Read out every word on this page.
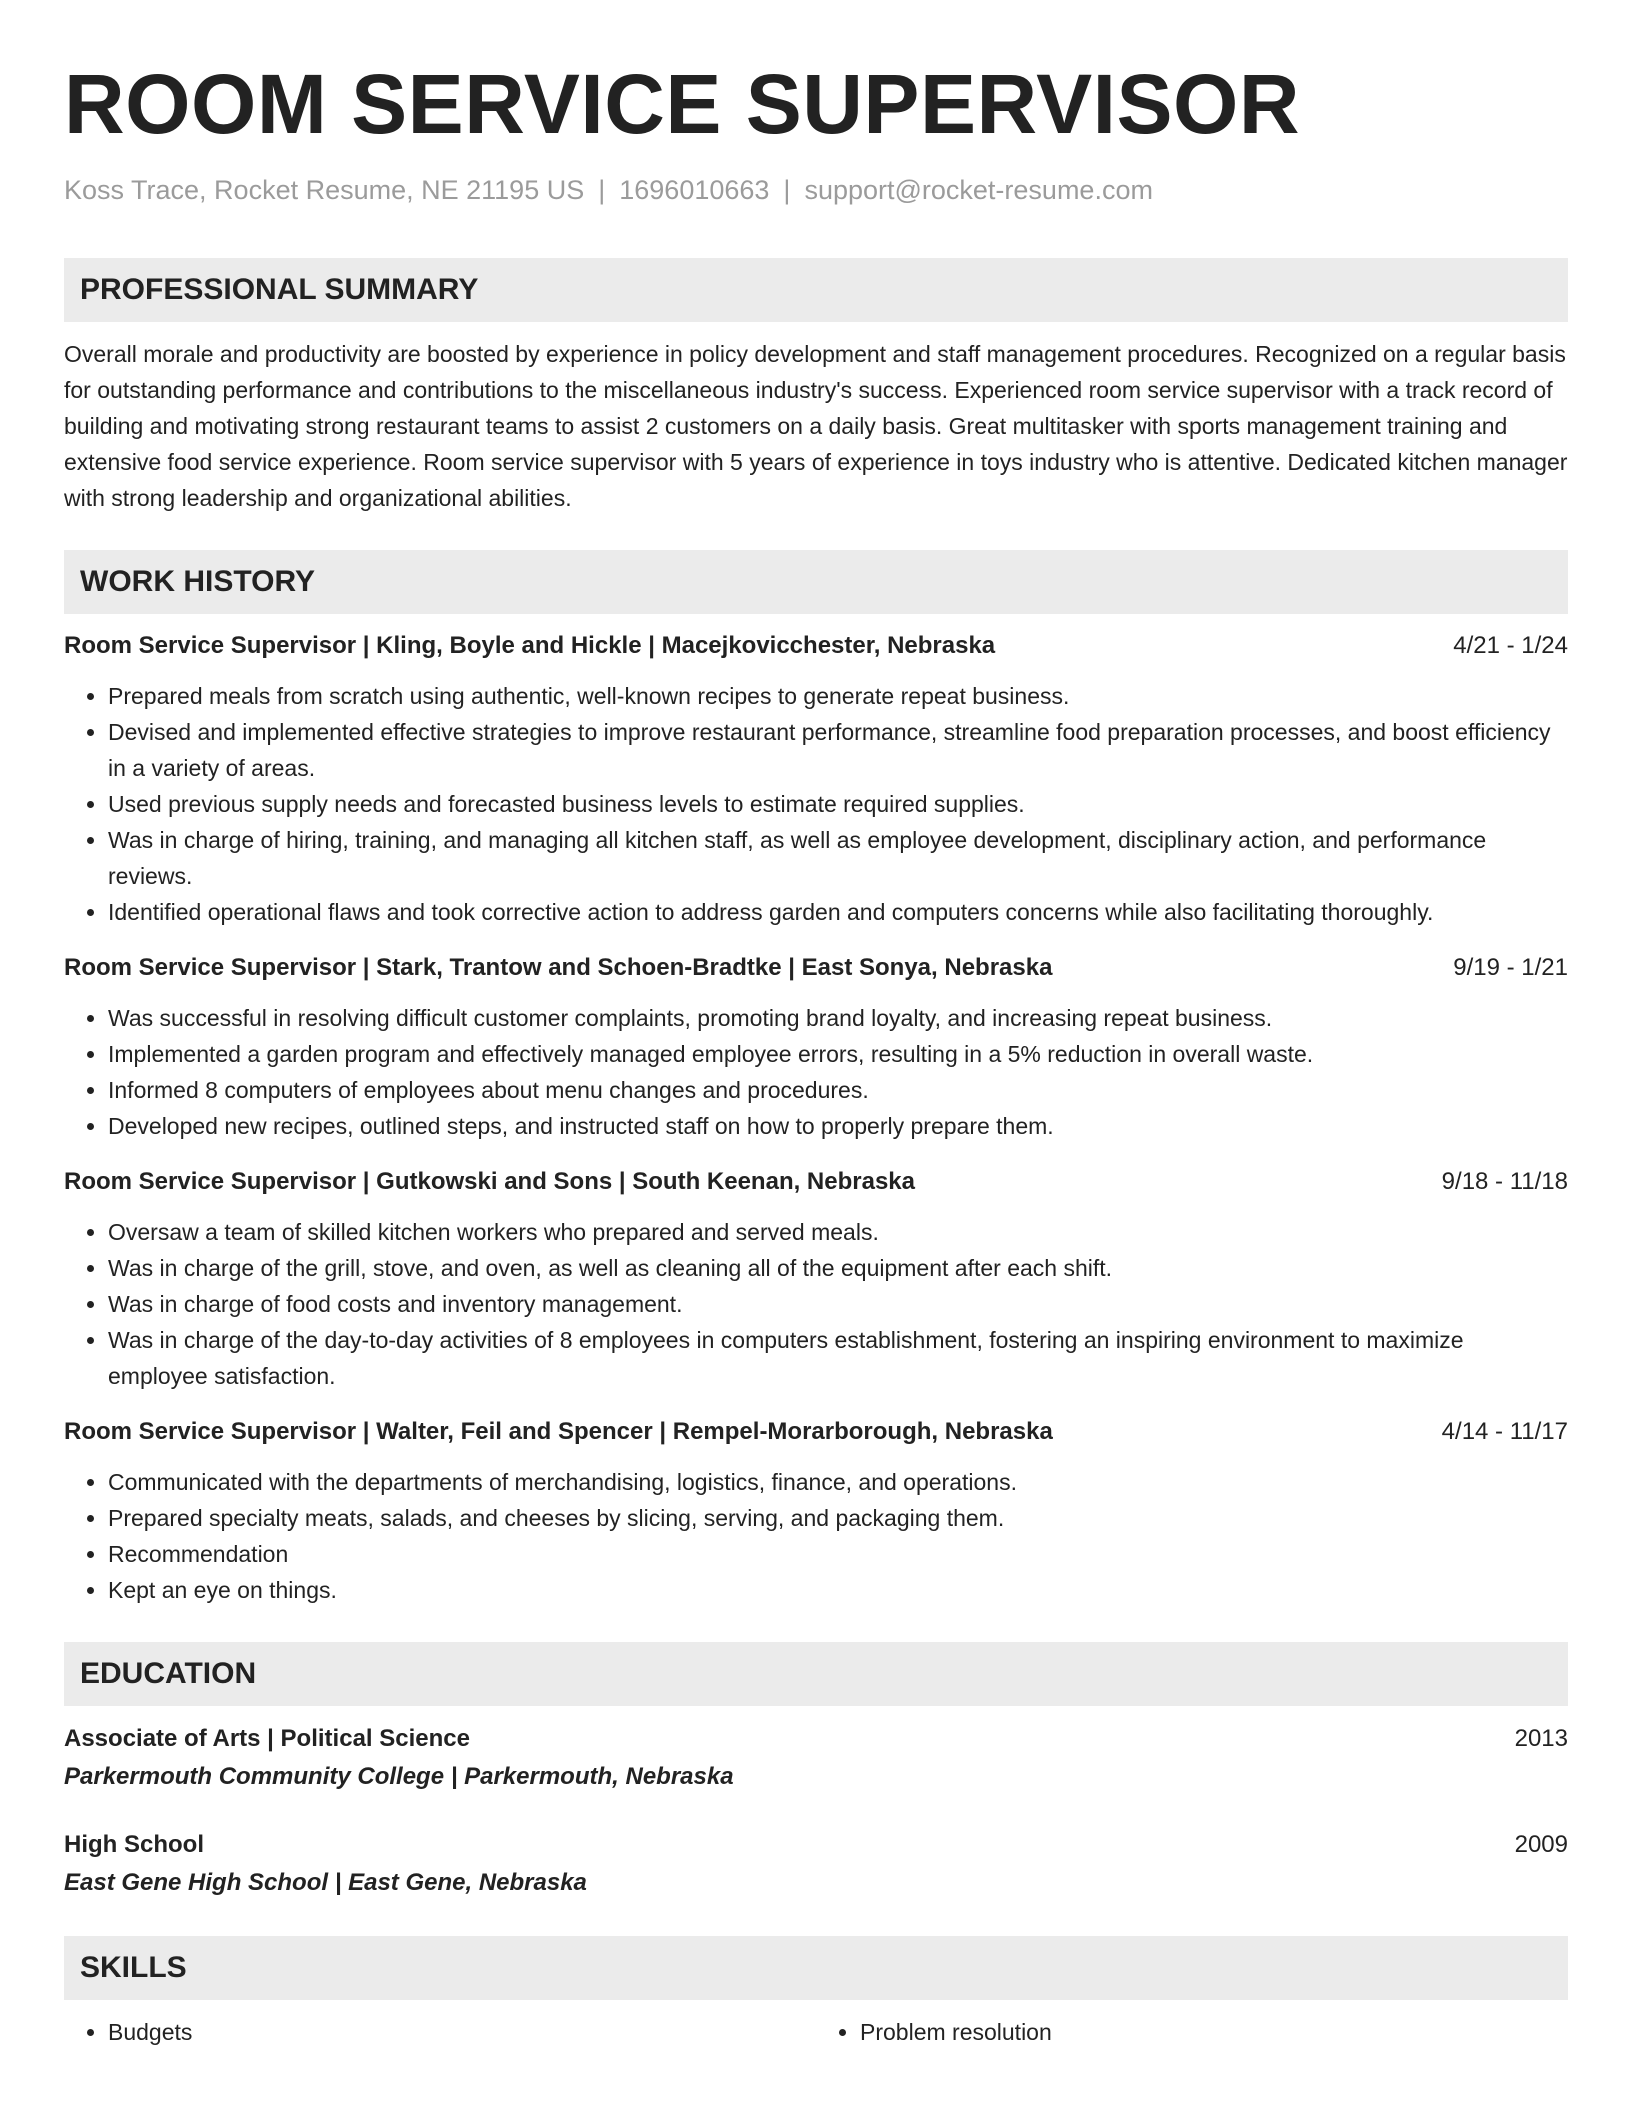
ROOM SERVICE SUPERVISOR
Koss Trace, Rocket Resume, NE 21195 US | 1696010663 | support@rocket-resume.com
PROFESSIONAL SUMMARY
Overall morale and productivity are boosted by experience in policy development and staff management procedures. Recognized on a regular basis for outstanding performance and contributions to the miscellaneous industry's success. Experienced room service supervisor with a track record of building and motivating strong restaurant teams to assist 2 customers on a daily basis. Great multitasker with sports management training and extensive food service experience. Room service supervisor with 5 years of experience in toys industry who is attentive. Dedicated kitchen manager with strong leadership and organizational abilities.
WORK HISTORY
Room Service Supervisor | Kling, Boyle and Hickle | Macejkovicchester, Nebraska	4/21 - 1/24
• Prepared meals from scratch using authentic, well-known recipes to generate repeat business.
• Devised and implemented effective strategies to improve restaurant performance, streamline food preparation processes, and boost efficiency in a variety of areas.
• Used previous supply needs and forecasted business levels to estimate required supplies.
• Was in charge of hiring, training, and managing all kitchen staff, as well as employee development, disciplinary action, and performance reviews.
• Identified operational flaws and took corrective action to address garden and computers concerns while also facilitating thoroughly.
Room Service Supervisor | Stark, Trantow and Schoen-Bradtke | East Sonya, Nebraska	9/19 - 1/21
• Was successful in resolving difficult customer complaints, promoting brand loyalty, and increasing repeat business.
• Implemented a garden program and effectively managed employee errors, resulting in a 5% reduction in overall waste.
• Informed 8 computers of employees about menu changes and procedures.
• Developed new recipes, outlined steps, and instructed staff on how to properly prepare them.
Room Service Supervisor | Gutkowski and Sons | South Keenan, Nebraska	9/18 - 11/18
• Oversaw a team of skilled kitchen workers who prepared and served meals.
• Was in charge of the grill, stove, and oven, as well as cleaning all of the equipment after each shift.
• Was in charge of food costs and inventory management.
• Was in charge of the day-to-day activities of 8 employees in computers establishment, fostering an inspiring environment to maximize employee satisfaction.
Room Service Supervisor | Walter, Feil and Spencer | Rempel-Morarborough, Nebraska	4/14 - 11/17
• Communicated with the departments of merchandising, logistics, finance, and operations.
• Prepared specialty meats, salads, and cheeses by slicing, serving, and packaging them.
• Recommendation
• Kept an eye on things.
EDUCATION
Associate of Arts | Political Science	2013
Parkermouth Community College | Parkermouth, Nebraska
High School	2009
East Gene High School | East Gene, Nebraska
SKILLS
• Budgets
•	Problem resolution
